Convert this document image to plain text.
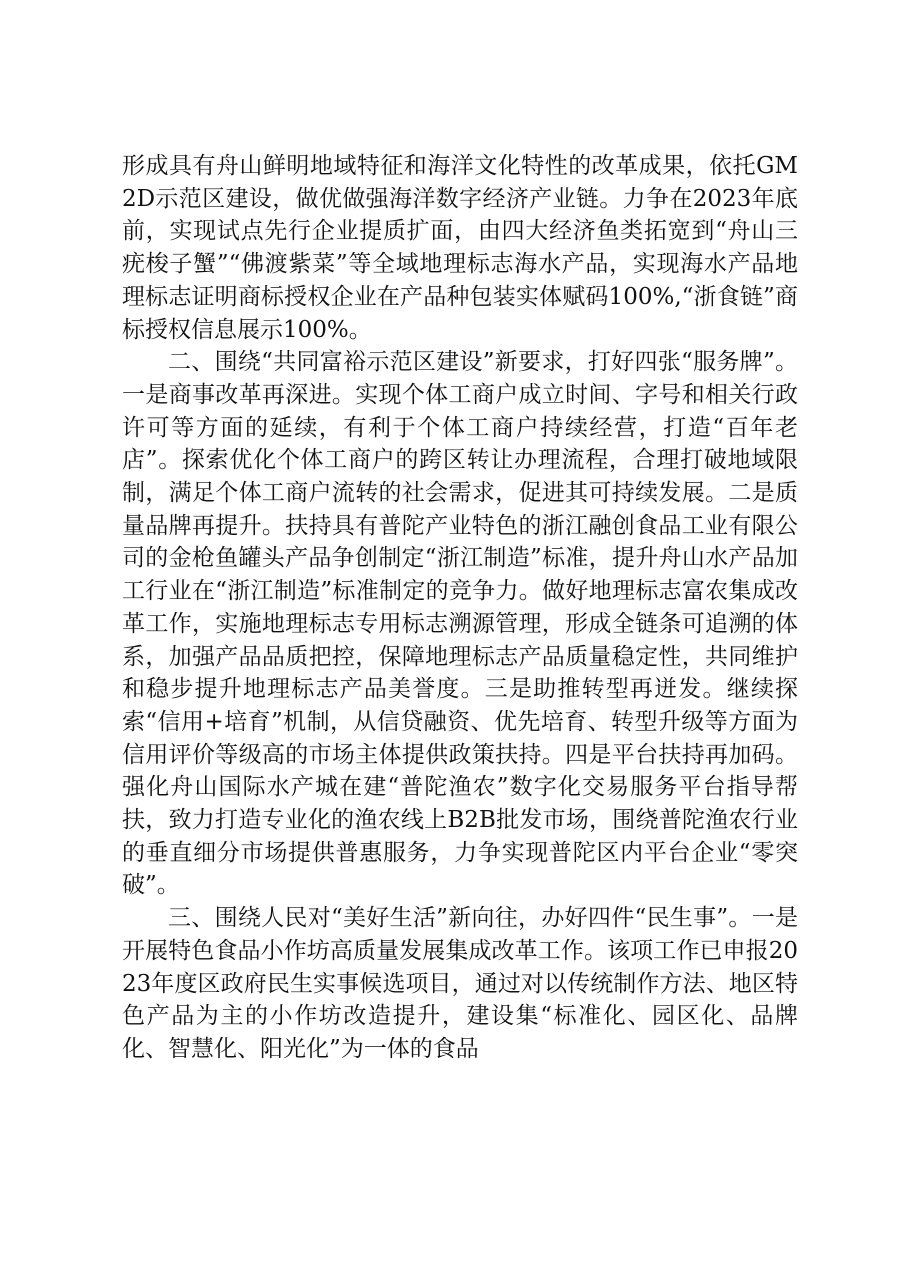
形成具有舟山鲜明地域特征和海洋文化特性的改革成果，依托GM2D示范区建设，做优做强海洋数字经济产业链。力争在2023年底前，实现试点先行企业提质扩面，由四大经济鱼类拓宽到“舟山三疣梭子蟹”“佛渡紫菜”等全域地理标志海水产品，实现海水产品地理标志证明商标授权企业在产品种包装实体赋码100%,“浙食链”商标授权信息展示100%。

二、围绕“共同富裕示范区建设”新要求，打好四张“服务牌”。一是商事改革再深进。实现个体工商户成立时间、字号和相关行政许可等方面的延续，有利于个体工商户持续经营，打造“百年老店”。探索优化个体工商户的跨区转让办理流程，合理打破地域限制，满足个体工商户流转的社会需求，促进其可持续发展。二是质量品牌再提升。扶持具有普陀产业特色的浙江融创食品工业有限公司的金枪鱼罐头产品争创制定“浙江制造”标准，提升舟山水产品加工行业在“浙江制造”标准制定的竞争力。做好地理标志富农集成改革工作，实施地理标志专用标志溯源管理，形成全链条可追溯的体系，加强产品品质把控，保障地理标志产品质量稳定性，共同维护和稳步提升地理标志产品美誉度。三是助推转型再迸发。继续探索“信用+培育”机制，从信贷融资、优先培育、转型升级等方面为信用评价等级高的市场主体提供政策扶持。四是平台扶持再加码。强化舟山国际水产城在建“普陀渔农”数字化交易服务平台指导帮扶，致力打造专业化的渔农线上B2B批发市场，围绕普陀渔农行业的垂直细分市场提供普惠服务，力争实现普陀区内平台企业“零突破”。

三、围绕人民对“美好生活”新向往，办好四件“民生事”。一是开展特色食品小作坊高质量发展集成改革工作。该项工作已申报2023年度区政府民生实事候选项目，通过对以传统制作方法、地区特色产品为主的小作坊改造提升，建设集“标准化、园区化、品牌化、智慧化、阳光化”为一体的食品
